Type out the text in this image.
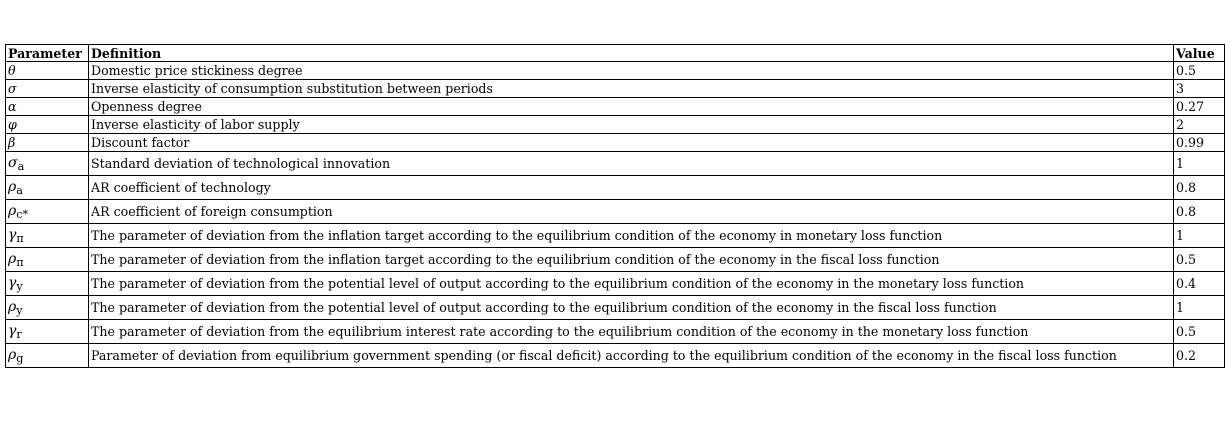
Parameter	Definition	Value
θ	Domestic price stickiness degree	0.5
σ	Inverse elasticity of consumption substitution between periods	3
α	Openness degree	0.27
φ	Inverse elasticity of labor supply	2
β	Discount factor	0.99
$\sigma_a$	Standard deviation of technological innovation	1
$\rho_a$	AR coefficient of technology	0.8
$\rho_{c*}$	AR coefficient of foreign consumption	0.8
$\gamma_\pi$	The parameter of deviation from the inflation target according to the equilibrium condition of the economy in monetary loss function	1
$\rho_\pi$	The parameter of deviation from the inflation target according to the equilibrium condition of the economy in the fiscal loss function	0.5
$\gamma_y$	The parameter of deviation from the potential level of output according to the equilibrium condition of the economy in the monetary loss function	0.4
$\rho_y$	The parameter of deviation from the potential level of output according to the equilibrium condition of the economy in the fiscal loss function	1
$\gamma_r$	The parameter of deviation from the equilibrium interest rate according to the equilibrium condition of the economy in the monetary loss function	0.5
$\rho_g$	Parameter of deviation from equilibrium government spending (or fiscal deficit) according to the equilibrium condition of the economy in the fiscal loss function	0.2
